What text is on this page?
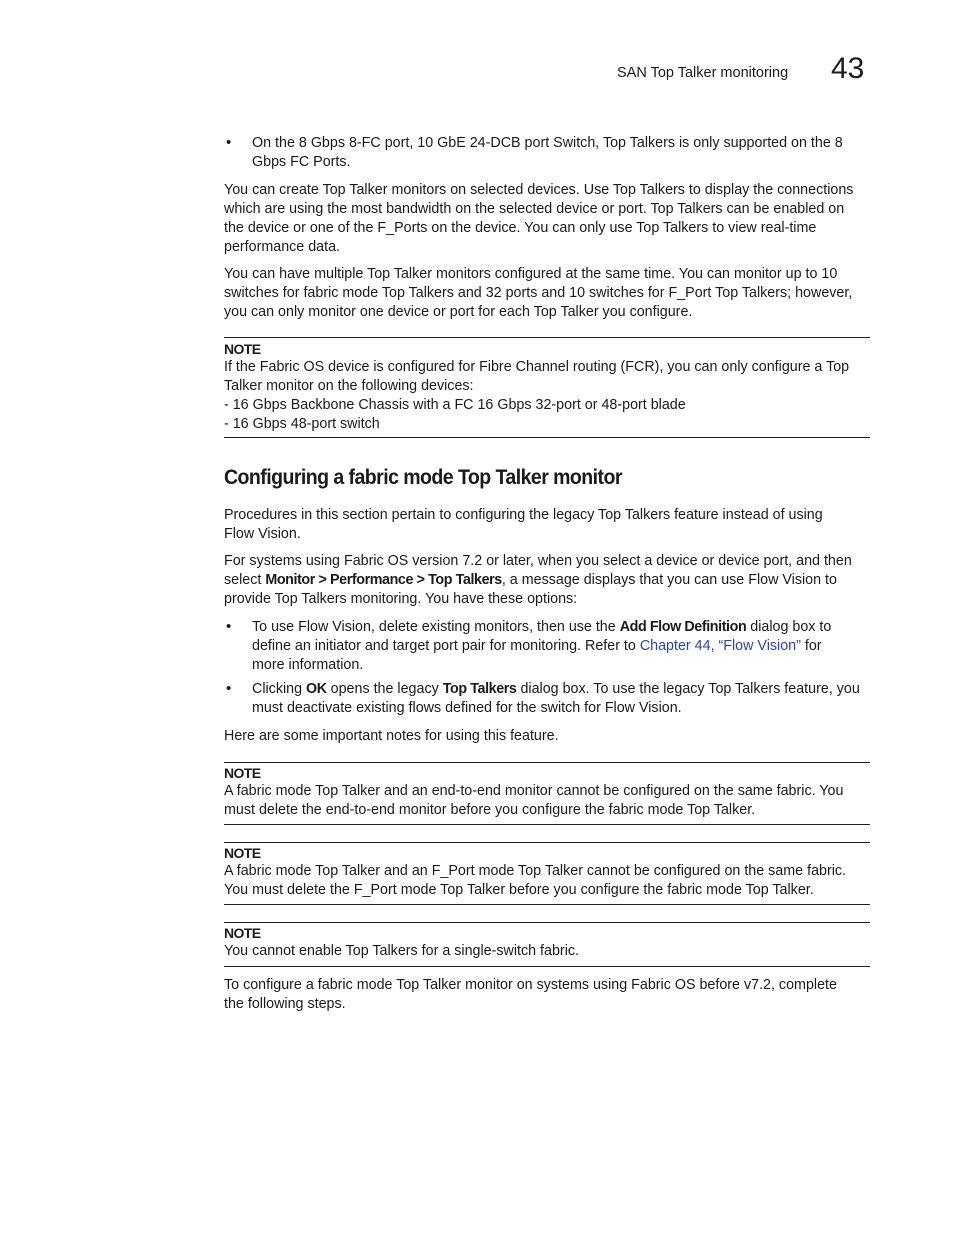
SAN Top Talker monitoring 43
• On the 8 Gbps 8-FC port, 10 GbE 24-DCB port Switch, Top Talkers is only supported on the 8 Gbps FC Ports.

You can create Top Talker monitors on selected devices. Use Top Talkers to display the connections

which are using the most bandwidth on the selected device or port. Top Talkers can be enabled on

the device or one of the F_Ports on the device. You can only use Top Talkers to view real-time

performance data.

You can have multiple Top Talker monitors configured at the same time. You can monitor up to 10

switches for fabric mode Top Talkers and 32 ports and 10 switches for F_Port Top Talkers; however,

you can only monitor one device or port for each Top Talker you configure.

NOTE

If the Fabric OS device is configured for Fibre Channel routing (FCR), you can only configure a Top

Talker monitor on the following devices:

- 16 Gbps Backbone Chassis with a FC 16 Gbps 32-port or 48-port blade

- 16 Gbps 48-port switch

Configuring a fabric mode Top Talker monitor

Procedures in this section pertain to configuring the legacy Top Talkers feature instead of using

Flow Vision.

For systems using Fabric OS version 7.2 or later, when you select a device or device port, and then

select Monitor > Performance > Top Talkers, a message displays that you can use Flow Vision to

provide Top Talkers monitoring. You have these options:

• To use Flow Vision, delete existing monitors, then use the Add Flow Definition dialog box to

define an initiator and target port pair for monitoring. Refer to Chapter 44, “Flow Vision” for

more information.

• Clicking OK opens the legacy Top Talkers dialog box. To use the legacy Top Talkers feature, you

must deactivate existing flows defined for the switch for Flow Vision.

Here are some important notes for using this feature.
NOTE

A fabric mode Top Talker and an end-to-end monitor cannot be configured on the same fabric. You

must delete the end-to-end monitor before you configure the fabric mode Top Talker.

NOTE

A fabric mode Top Talker and an F_Port mode Top Talker cannot be configured on the same fabric.

You must delete the F_Port mode Top Talker before you configure the fabric mode Top Talker.

NOTE

You cannot enable Top Talkers for a single-switch fabric.

To configure a fabric mode Top Talker monitor on systems using Fabric OS before v7.2, complete

the following steps.
